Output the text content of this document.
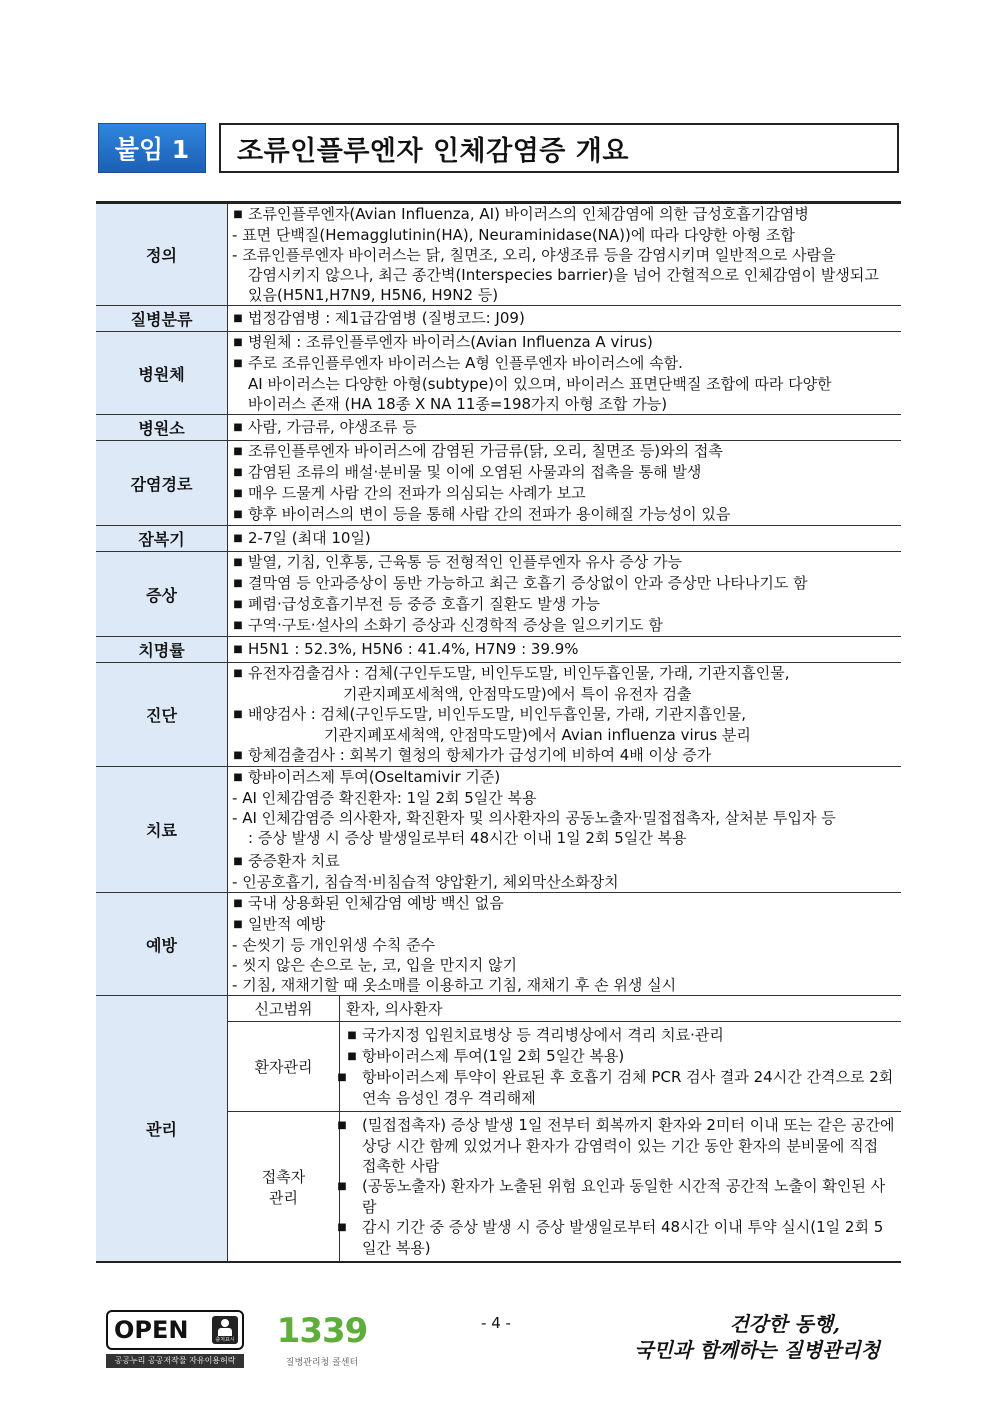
붙임 1	조류인플루엔자 인체감염증 개요
정의	
■ 조류인플루엔자(Avian Influenza, AI) 바이러스의 인체감염에 의한 급성호흡기감염병
- 표면 단백질(Hemagglutinin(HA), Neuraminidase(NA))에 따라 다양한 아형 조합
- 조류인플루엔자 바이러스는 닭, 칠면조, 오리, 야생조류 등을 감염시키며 일반적으로 사람을
감염시키지 않으나, 최근 종간벽(Interspecies barrier)을 넘어 간헐적으로 인체감염이 발생되고
있음(H5N1,H7N9, H5N6, H9N2 등)

질병분류	
■법정감염병 : 제1급감염병 (질병코드: J09)

병원체	
■ 병원체 : 조류인플루엔자 바이러스(Avian Influenza A virus)
■ 주로 조류인플루엔자 바이러스는 A형 인플루엔자 바이러스에 속함.
AI 바이러스는 다양한 아형(subtype)이 있으며, 바이러스 표면단백질 조합에 따라 다양한
바이러스 존재 (HA 18종 X NA 11종=198가지 아형 조합 가능)

병원소	
■사람, 가금류, 야생조류 등

감염경로	
■ 조류인플루엔자 바이러스에 감염된 가금류(닭, 오리, 칠면조 등)와의 접촉
■ 감염된 조류의 배설·분비물 및 이에 오염된 사물과의 접촉을 통해 발생
■ 매우 드물게 사람 간의 전파가 의심되는 사례가 보고
■ 향후 바이러스의 변이 등을 통해 사람 간의 전파가 용이해질 가능성이 있음

잠복기	
■2-7일 (최대 10일)

증상	
■ 발열, 기침, 인후통, 근육통 등 전형적인 인플루엔자 유사 증상 가능
■ 결막염 등 안과증상이 동반 가능하고 최근 호흡기 증상없이 안과 증상만 나타나기도 함
■ 폐렴·급성호흡기부전 등 중증 호흡기 질환도 발생 가능
■ 구역·구토·설사의 소화기 증상과 신경학적 증상을 일으키기도 함

치명률	
■H5N1 : 52.3%, H5N6 : 41.4%, H7N9 : 39.9%

진단	
■ 유전자검출검사 : 검체(구인두도말, 비인두도말, 비인두흡인물, 가래, 기관지흡인물,
기관지폐포세척액, 안점막도말)에서 특이 유전자 검출
■ 배양검사 : 검체(구인두도말, 비인두도말, 비인두흡인물, 가래, 기관지흡인물,
기관지폐포세척액, 안점막도말)에서 Avian influenza virus 분리
■ 항체검출검사 : 회복기 혈청의 항체가가 급성기에 비하여 4배 이상 증가

치료	
■ 항바이러스제 투여(Oseltamivir 기준)
- AI 인체감염증 확진환자: 1일 2회 5일간 복용
- AI 인체감염증 의사환자, 확진환자 및 의사환자의 공동노출자·밀접접촉자, 살처분 투입자 등
: 증상 발생 시 증상 발생일로부터 48시간 이내 1일 2회 5일간 복용
■ 중증환자 치료
- 인공호흡기, 침습적·비침습적 양압환기, 체외막산소화장치

예방	
■ 국내 상용화된 인체감염 예방 백신 없음
■ 일반적 예방
- 손씻기 등 개인위생 수칙 준수
- 씻지 않은 손으로 눈, 코, 입을 만지지 않기
- 기침, 재채기할 때 옷소매를 이용하고 기침, 재채기 후 손 위생 실시

관리	
신고범위	환자, 의사환자

환자관리	
■ 국가지정 입원치료병상 등 격리병상에서 격리 치료·관리
■ 항바이러스제 투여(1일 2회 5일간 복용)
■ 항바이러스제 투약이 완료된 후 호흡기 검체 PCR 검사 결과 24시간 간격으로 2회 연속 음성인 경우 격리해제

접촉자
관리

■ (밀접접촉자) 증상 발생 1일 전부터 회복까지 환자와 2미터 이내 또는 같은 공간에 상당 시간 함께 있었거나 환자가 감염력이 있는 기간 동안 환자의 분비물에 직접 접촉한 사람
■ (공동노출자) 환자가 노출된 위험 요인과 동일한 시간적 공간적 노출이 확인된 사람
■ 감시 기간 중 증상 발생 시 증상 발생일로부터 48시간 이내 투약 실시(1일 2회 5일간 복용)
OPEN	출처표시
공공누리 공공저작물 자유이용허락
1339
질병관리청 콜센터
- 4 -	건강한 동행,
국민과 함께하는 질병관리청
